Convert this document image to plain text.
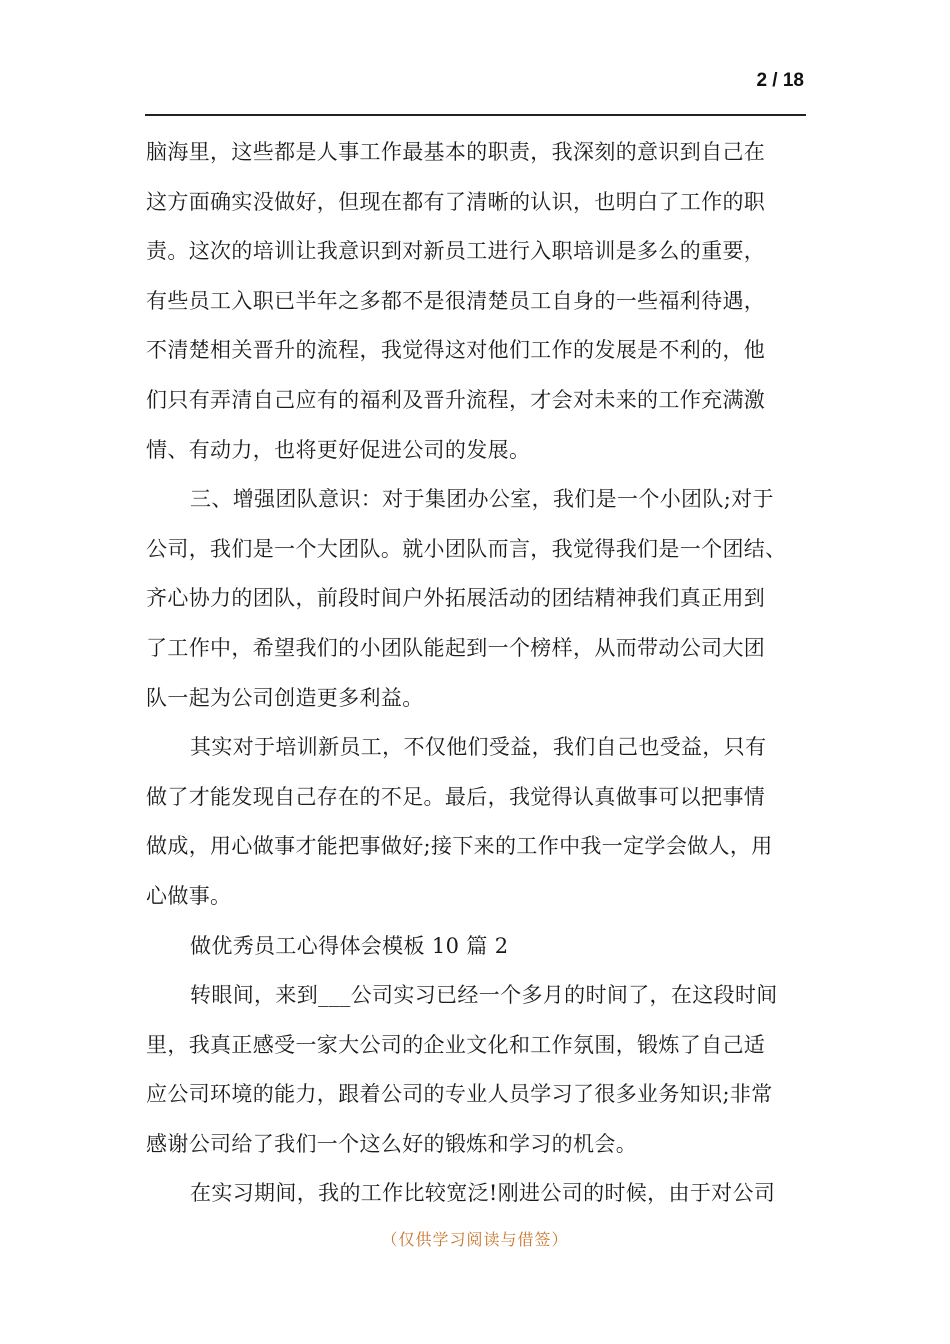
2 / 18
脑海里，这些都是人事工作最基本的职责，我深刻的意识到自己在
这方面确实没做好，但现在都有了清晰的认识，也明白了工作的职
责。这次的培训让我意识到对新员工进行入职培训是多么的重要，
有些员工入职已半年之多都不是很清楚员工自身的一些福利待遇，
不清楚相关晋升的流程，我觉得这对他们工作的发展是不利的，他
们只有弄清自己应有的福利及晋升流程，才会对未来的工作充满激
情、有动力，也将更好促进公司的发展。
三、增强团队意识：对于集团办公室，我们是一个小团队;对于
公司，我们是一个大团队。就小团队而言，我觉得我们是一个团结、
齐心协力的团队，前段时间户外拓展活动的团结精神我们真正用到
了工作中，希望我们的小团队能起到一个榜样，从而带动公司大团
队一起为公司创造更多利益。
其实对于培训新员工，不仅他们受益，我们自己也受益，只有
做了才能发现自己存在的不足。最后，我觉得认真做事可以把事情
做成，用心做事才能把事做好;接下来的工作中我一定学会做人，用
心做事。
做优秀员工心得体会模板 10 篇 2
转眼间，来到___公司实习已经一个多月的时间了，在这段时间
里，我真正感受一家大公司的企业文化和工作氛围，锻炼了自己适
应公司环境的能力，跟着公司的专业人员学习了很多业务知识;非常
感谢公司给了我们一个这么好的锻炼和学习的机会。
在实习期间，我的工作比较宽泛!刚进公司的时候，由于对公司
（仅供学习阅读与借签）
